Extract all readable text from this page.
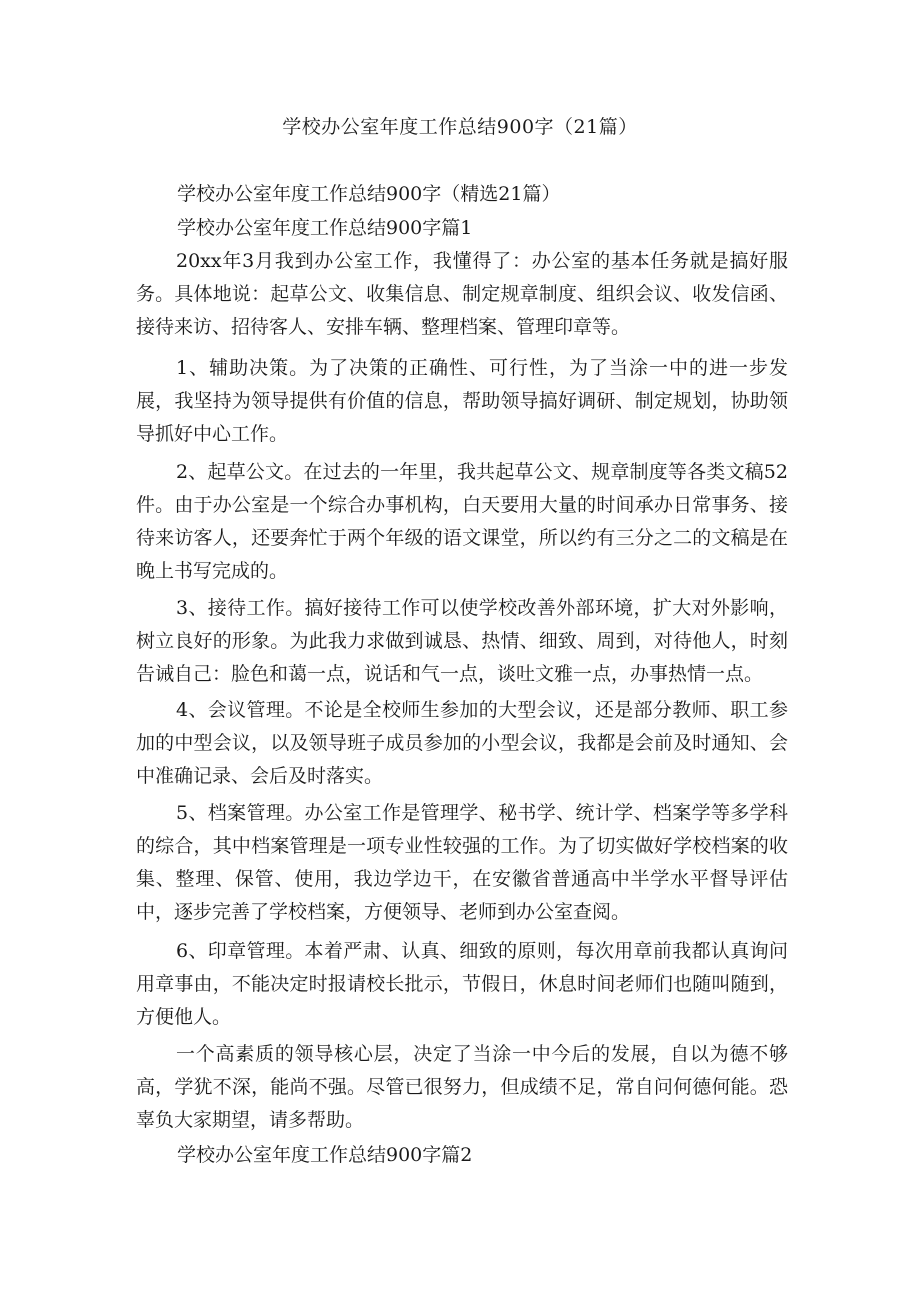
学校办公室年度工作总结900字（21篇）
学校办公室年度工作总结900字（精选21篇）
学校办公室年度工作总结900字篇1

20xx年3月我到办公室工作，我懂得了：办公室的基本任务就是搞好服务。具体地说：起草公文、收集信息、制定规章制度、组织会议、收发信函、接待来访、招待客人、安排车辆、整理档案、管理印章等。

1、辅助决策。为了决策的正确性、可行性，为了当涂一中的进一步发展，我坚持为领导提供有价值的信息，帮助领导搞好调研、制定规划，协助领导抓好中心工作。

2、起草公文。在过去的一年里，我共起草公文、规章制度等各类文稿52件。由于办公室是一个综合办事机构，白天要用大量的时间承办日常事务、接待来访客人，还要奔忙于两个年级的语文课堂，所以约有三分之二的文稿是在晚上书写完成的。

3、接待工作。搞好接待工作可以使学校改善外部环境，扩大对外影响，树立良好的形象。为此我力求做到诚恳、热情、细致、周到，对待他人，时刻告诫自己：脸色和蔼一点，说话和气一点，谈吐文雅一点，办事热情一点。

4、会议管理。不论是全校师生参加的大型会议，还是部分教师、职工参加的中型会议，以及领导班子成员参加的小型会议，我都是会前及时通知、会中准确记录、会后及时落实。

5、档案管理。办公室工作是管理学、秘书学、统计学、档案学等多学科的综合，其中档案管理是一项专业性较强的工作。为了切实做好学校档案的收集、整理、保管、使用，我边学边干，在安徽省普通高中半学水平督导评估中，逐步完善了学校档案，方便领导、老师到办公室查阅。

6、印章管理。本着严肃、认真、细致的原则，每次用章前我都认真询问用章事由，不能决定时报请校长批示，节假日，休息时间老师们也随叫随到，方便他人。

一个高素质的领导核心层，决定了当涂一中今后的发展，自以为德不够高，学犹不深，能尚不强。尽管已很努力，但成绩不足，常自问何德何能。恐辜负大家期望，请多帮助。

学校办公室年度工作总结900字篇2
